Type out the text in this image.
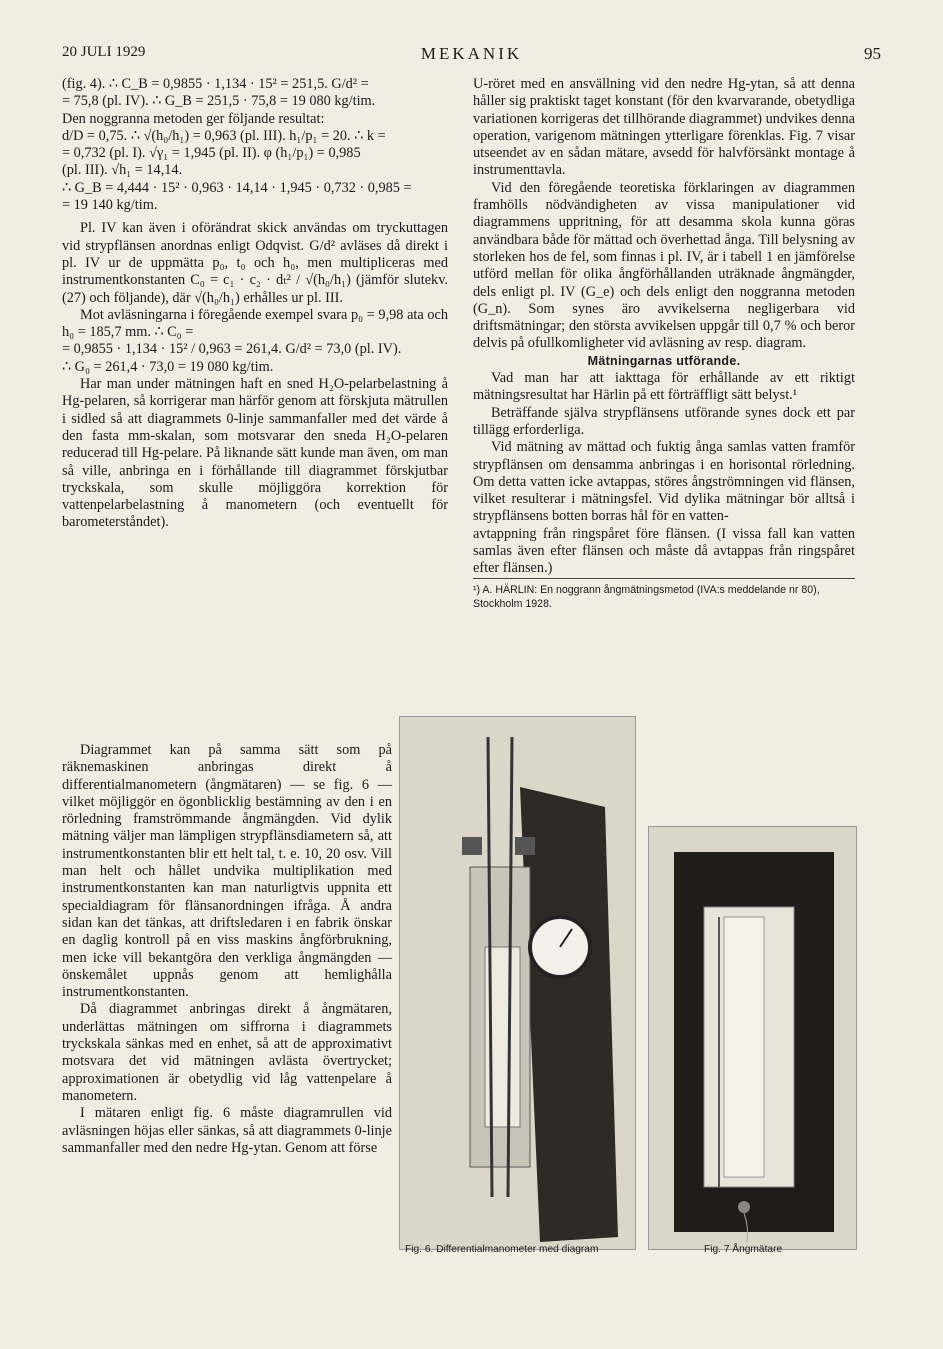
20 JULI 1929	MEKANIK	95

(fig. 4). ∴ C_B = 0,9855 · 1,134 · 15² = 251,5. G/d² =

= 75,8 (pl. IV). ∴ G_B = 251,5 · 75,8 = 19 080 kg/tim.

Den noggranna metoden ger följande resultat:

d/D = 0,75. ∴ √(h₀/h₁) = 0,963 (pl. III). h₁/p₁ = 20. ∴ k =

= 0,732 (pl. I). √γ₁ = 1,945 (pl. II). φ (h₁/p₁) = 0,985

(pl. III). √h₁ = 14,14.

∴ G_B = 4,444 · 15² · 0,963 · 14,14 · 1,945 · 0,732 · 0,985 =

= 19 140 kg/tim.

Pl. IV kan även i oförändrat skick användas om tryckuttagen vid strypflänsen anordnas enligt Odqvist. G/d² avläses då direkt i pl. IV ur de uppmätta p₀, t₀ och h₀, men multipliceras med instrumentkonstanten C₀ = c₁ · c₂ · dₜ² / √(h₀/h₁) (jämför slutekv. (27) och följande), där √(h₀/h₁) erhålles ur pl. III.

Mot avläsningarna i föregående exempel svara p₀ = 9,98 ata och h₀ = 185,7 mm. ∴ C₀ =

= 0,9855 · 1,134 · 15² / 0,963 = 261,4. G/d² = 73,0 (pl. IV).

∴ G₀ = 261,4 · 73,0 = 19 080 kg/tim.

Har man under mätningen haft en sned H₂O-pelarbelastning å Hg-pelaren, så korrigerar man härför genom att förskjuta mätrullen i sidled så att diagrammets 0-linje sammanfaller med det värde å den fasta mm-skalan, som motsvarar den sneda H₂O-pelaren reducerad till Hg-pelare. På liknande sätt kunde man även, om man så ville, anbringa en i förhållande till diagrammet förskjutbar tryckskala, som skulle möjliggöra korrektion för vattenpelarbelastning å manometern (och eventuellt för barometerståndet).

Diagrammet kan på samma sätt som på räknemaskinen anbringas direkt å differentialmanometern (ångmätaren) — se fig. 6 — vilket möjliggör en ögonblicklig bestämning av den i en rörledning framströmmande ångmängden. Vid dylik mätning väljer man lämpligen strypflänsdiametern så, att instrumentkonstanten blir ett helt tal, t. e. 10, 20 osv. Vill man helt och hållet undvika multiplikation med instrumentkonstanten kan man naturligtvis uppnita ett specialdiagram för flänsanordningen ifråga. Å andra sidan kan det tänkas, att driftsledaren i en fabrik önskar en daglig kontroll på en viss maskins ångförbrukning, men icke vill bekantgöra den verkliga ångmängden — önskemålet uppnås genom att hemlighålla instrumentkonstanten.

Då diagrammet anbringas direkt å ångmätaren, underlättas mätningen om siffrorna i diagrammets tryckskala sänkas med en enhet, så att de approximativt motsvara det vid mätningen avlästa övertrycket; approximationen är obetydlig vid låg vattenpelare å manometern.

I mätaren enligt fig. 6 måste diagramrullen vid avläsningen höjas eller sänkas, så att diagrammets 0-linje sammanfaller med den nedre Hg-ytan. Genom att förse

U-röret med en ansvällning vid den nedre Hg-ytan, så att denna håller sig praktiskt taget konstant (för den kvarvarande, obetydliga variationen korrigeras det tillhörande diagrammet) undvikes denna operation, varigenom mätningen ytterligare förenklas. Fig. 7 visar utseendet av en sådan mätare, avsedd för halvförsänkt montage å instrumenttavla.

Vid den föregående teoretiska förklaringen av diagrammen framhölls nödvändigheten av vissa manipulationer vid diagrammens uppritning, för att desamma skola kunna göras användbara både för mättad och överhettad ånga. Till belysning av storleken hos de fel, som finnas i pl. IV, är i tabell 1 en jämförelse utförd mellan för olika ångförhållanden uträknade ångmängder, dels enligt pl. IV (G_e) och dels enligt den noggranna metoden (G_n). Som synes äro avvikelserna negligerbara vid driftsmätningar; den största avvikelsen uppgår till 0,7 % och beror delvis på ofullkomligheter vid avläsning av resp. diagram.

Mätningarnas utförande.

Vad man har att iakttaga för erhållande av ett riktigt mätningsresultat har Härlin på ett förträffligt sätt belyst.¹

Beträffande själva strypflänsens utförande synes dock ett par tillägg erforderliga.

Vid mätning av mättad och fuktig ånga samlas vatten framför strypflänsen om densamma anbringas i en horisontal rörledning. Om detta vatten icke avtappas, störes ångströmningen vid flänsen, vilket resulterar i mätningsfel. Vid dylika mätningar bör alltså i strypflänsens botten borras hål för en vatten-

avtappning från ringspåret före flänsen. (I vissa fall kan vatten samlas även efter flänsen och måste då avtappas från ringspåret efter flänsen.)

¹) A. HÄRLIN: En noggrann ångmätningsmetod (IVA:s meddelande nr 80), Stockholm 1928.

Fig. 6. Differentialmanometer med diagram	Fig. 7 Ångmätare
